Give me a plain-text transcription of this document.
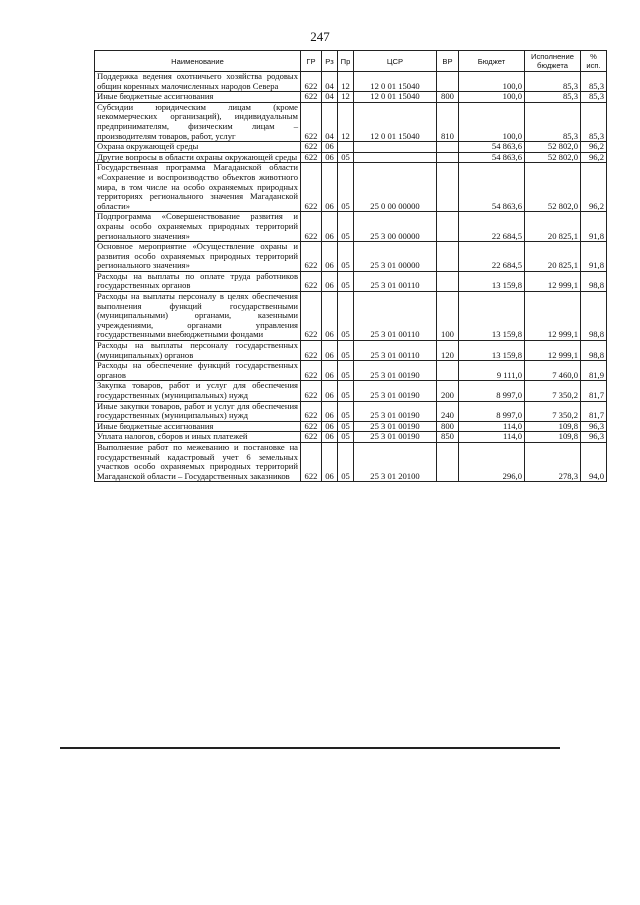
247
Наименование	ГР	Рз	Пр	ЦСР	ВР	Бюджет	Исполнение бюджета	% исп.
Поддержка ведения охотничьего хозяйства родовых общин коренных малочисленных народов Севера	622	04	12	12 0 01 15040		100,0	85,3	85,3
Иные бюджетные ассигнования	622	04	12	12 0 01 15040	800	100,0	85,3	85,3
Субсидии юридическим лицам (кроме некоммерческих организаций), индивидуальным предпринимателям, физическим лицам – производителям товаров, работ, услуг	622	04	12	12 0 01 15040	810	100,0	85,3	85,3
Охрана окружающей среды	622	06				54 863,6	52 802,0	96,2
Другие вопросы в области охраны окружающей среды	622	06	05			54 863,6	52 802,0	96,2
Государственная программа Магаданской области «Сохранение и воспроизводство объектов животного мира, в том числе на особо охраняемых природных территориях регионального значения Магаданской области»	622	06	05	25 0 00 00000		54 863,6	52 802,0	96,2
Подпрограмма «Совершенствование развития и охраны особо охраняемых природных территорий регионального значения»	622	06	05	25 3 00 00000		22 684,5	20 825,1	91,8
Основное мероприятие «Осуществление охраны и развития особо охраняемых природных территорий регионального значения»	622	06	05	25 3 01 00000		22 684,5	20 825,1	91,8
Расходы на выплаты по оплате труда работников государственных органов	622	06	05	25 3 01 00110		13 159,8	12 999,1	98,8
Расходы на выплаты персоналу в целях обеспечения выполнения функций государственными (муниципальными) органами, казенными учреждениями, органами управления государственными внебюджетными фондами	622	06	05	25 3 01 00110	100	13 159,8	12 999,1	98,8
Расходы на выплаты персоналу государственных (муниципальных) органов	622	06	05	25 3 01 00110	120	13 159,8	12 999,1	98,8
Расходы на обеспечение функций государственных органов	622	06	05	25 3 01 00190		9 111,0	7 460,0	81,9
Закупка товаров, работ и услуг для обеспечения государственных (муниципальных) нужд	622	06	05	25 3 01 00190	200	8 997,0	7 350,2	81,7
Иные закупки товаров, работ и услуг для обеспечения государственных (муниципальных) нужд	622	06	05	25 3 01 00190	240	8 997,0	7 350,2	81,7
Иные бюджетные ассигнования	622	06	05	25 3 01 00190	800	114,0	109,8	96,3
Уплата налогов, сборов и иных платежей	622	06	05	25 3 01 00190	850	114,0	109,8	96,3
Выполнение работ по межеванию и постановке на государственный кадастровый учет 6 земельных участков особо охраняемых природных территорий Магаданской области – Государственных заказников	622	06	05	25 3 01 20100		296,0	278,3	94,0
